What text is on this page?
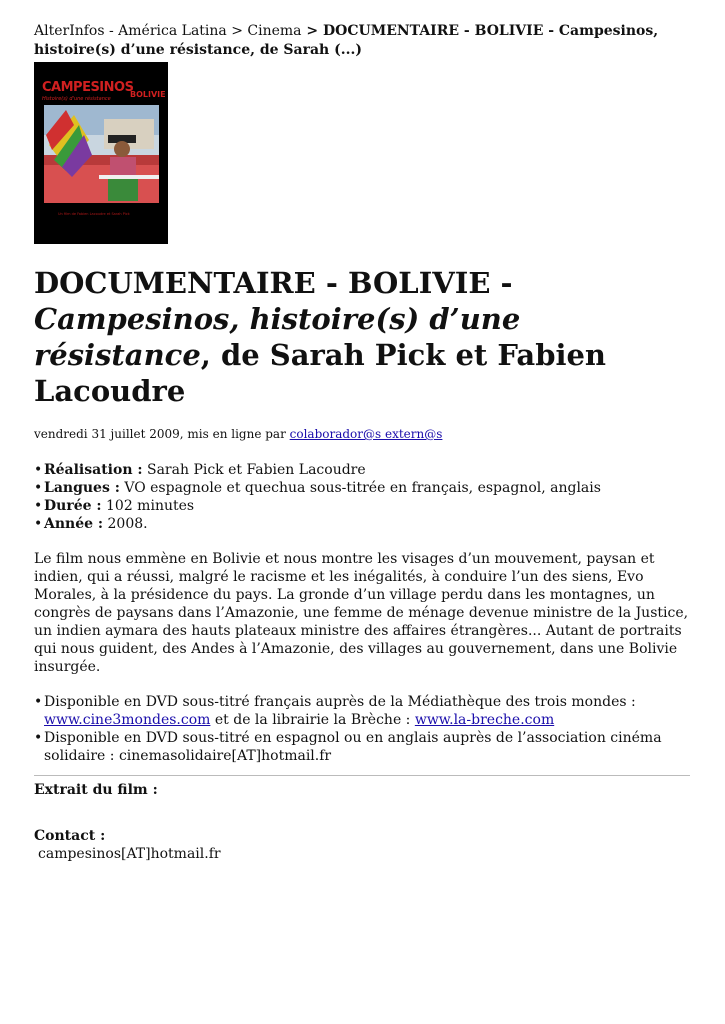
AlterInfos - América Latina > Cinema > DOCUMENTAIRE - BOLIVIE - Campesinos, histoire(s) d’une résistance, de Sarah (...)
CAMPESINOS
BOLIVIE
Histoire(s) d'une résistance
Un film de Fabien Lacoudre et Sarah Pick
DOCUMENTAIRE - BOLIVIE - Campesinos, histoire(s) d’une résistance, de Sarah Pick et Fabien Lacoudre
vendredi 31 juillet 2009, mis en ligne par colaborador@s extern@s
• Réalisation : Sarah Pick et Fabien Lacoudre
• Langues : VO espagnole et quechua sous-titrée en français, espagnol, anglais
• Durée : 102 minutes
• Année : 2008.

Le film nous emmène en Bolivie et nous montre les visages d’un mouvement, paysan et indien, qui a réussi, malgré le racisme et les inégalités, à conduire l’un des siens, Evo Morales, à la présidence du pays. La gronde d’un village perdu dans les montagnes, un congrès de paysans dans l’Amazonie, une femme de ménage devenue ministre de la Justice, un indien aymara des hauts plateaux ministre des affaires étrangères... Autant de portraits qui nous guident, des Andes à l’Amazonie, des villages au gouvernement, dans une Bolivie insurgée.

• Disponible en DVD sous-titré français auprès de la Médiathèque des trois mondes : www.cine3mondes.com et de la librairie la Brèche : www.la-breche.com
• Disponible en DVD sous-titré en espagnol ou en anglais auprès de l’association cinéma solidaire : cinemasolidaire[AT]hotmail.fr
Extrait du film :
Contact :
campesinos[AT]hotmail.fr
